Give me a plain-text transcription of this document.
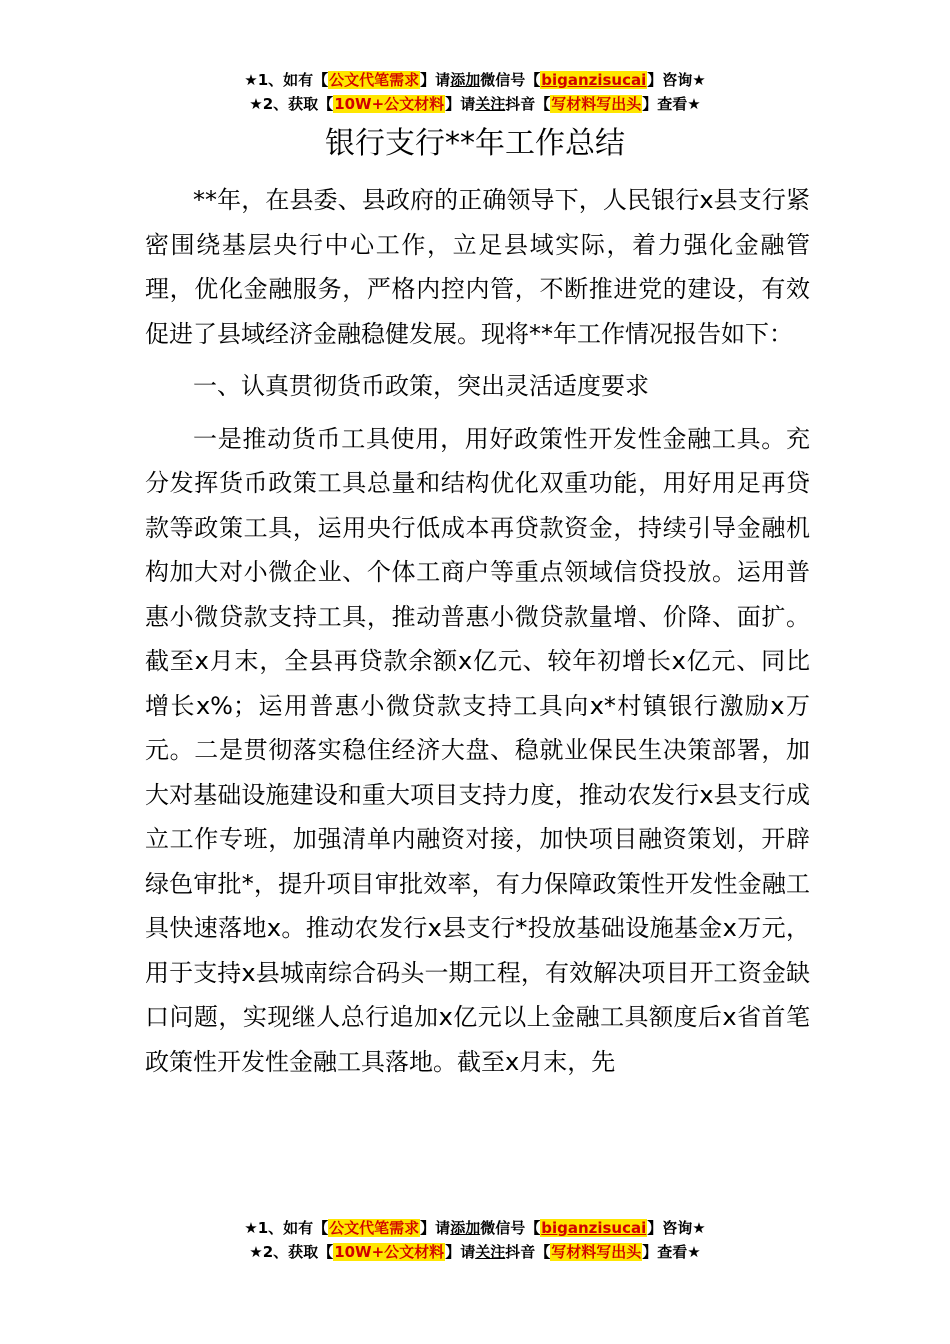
★1、如有【公文代笔需求】请添加微信号【biganzisucai】咨询★
★2、获取【10W+公文材料】请关注抖音【写材料写出头】查看★
银行支行**年工作总结

**年，在县委、县政府的正确领导下，人民银行x县支行紧密围绕基层央行中心工作，立足县域实际，着力强化金融管理，优化金融服务，严格内控内管，不断推进党的建设，有效促进了县域经济金融稳健发展。现将**年工作情况报告如下：

一、认真贯彻货币政策，突出灵活适度要求

一是推动货币工具使用，用好政策性开发性金融工具。充分发挥货币政策工具总量和结构优化双重功能，用好用足再贷款等政策工具，运用央行低成本再贷款资金，持续引导金融机构加大对小微企业、个体工商户等重点领域信贷投放。运用普惠小微贷款支持工具，推动普惠小微贷款量增、价降、面扩。截至x月末，全县再贷款余额x亿元、较年初增长x亿元、同比增长x%；运用普惠小微贷款支持工具向x*村镇银行激励x万元。二是贯彻落实稳住经济大盘、稳就业保民生决策部署，加大对基础设施建设和重大项目支持力度，推动农发行x县支行成立工作专班，加强清单内融资对接，加快项目融资策划，开辟绿色审批*，提升项目审批效率，有力保障政策性开发性金融工具快速落地x。推动农发行x县支行*投放基础设施基金x万元，用于支持x县城南综合码头一期工程，有效解决项目开工资金缺口问题，实现继人总行追加x亿元以上金融工具额度后x省首笔政策性开发性金融工具落地。截至x月末，先

★1、如有【公文代笔需求】请添加微信号【biganzisucai】咨询★
★2、获取【10W+公文材料】请关注抖音【写材料写出头】查看★
